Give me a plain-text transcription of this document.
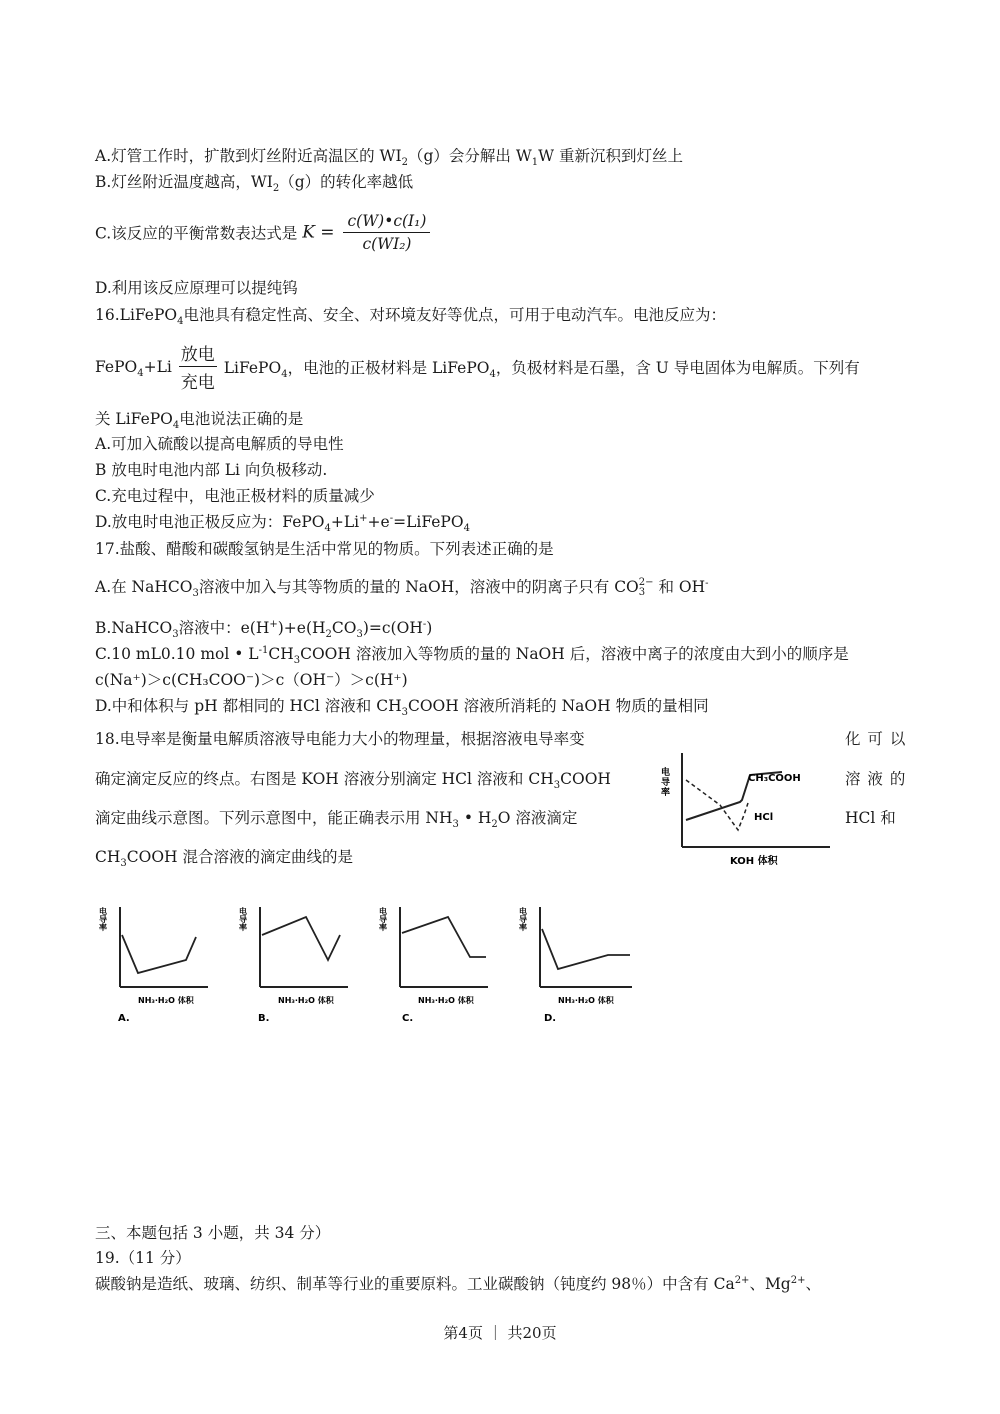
A.灯管工作时，扩散到灯丝附近高温区的 $WI_2(g)$会分解出 $W_1W$ 重新沉积到灯丝上
B.灯丝附近温度越高，$WI_2(g)$的转化率越低
C.该反应的平衡常数表达式是 $K = \frac{\text{c(W)•c(I₁)}}{\text{c(WI₂)}}$
D.利用该反应原理可以提纯钨
16.LiFePO$_4$电池具有稳定性高、安全、对环境友好等优点，可用于电动汽车。电池反应为：
FePO$_4$+Li
放电
充电
LiFePO$_4$，电池的正极材料是 LiFePO$_4$，负极材料是石墨，含 U 导电固体为电解质。下列有
关 LiFePO$_4$电池说法正确的是
A.可加入硫酸以提高电解质的导电性
B 放电时电池内部 Li 向负极移动.
C.充电过程中，电池正极材料的质量减少
D.放电时电池正极反应为：FePO$_4$+Li++e-=LiFePO$_4$
17.盐酸、醋酸和碳酸氢钠是生活中常见的物质。下列表述正确的是
A.在 NaHCO$_3$溶液中加入与其等物质的量的 NaOH，溶液中的阴离子只有 CO 2−
3 和 OH-
B.NaHCO$_3$溶液中：$e(H^+)+e(H_2CO_3)=c(OH^-)$
C.10 mL0.10 mol • $L^{-1}CH_3COOH$ 溶液加入等物质的量的 NaOH 后，溶液中离子的浓度由大到小的顺序是
c(Na⁺)＞c(CH₃COO⁻)＞c（OH⁻）＞c(H⁺)
D.中和体积与 pH 都相同的 HCl 溶液和 $CH_3COOH$ 溶液所消耗的 NaOH 物质的量相同
18.电导率是衡量电解质溶液导电能力大小的物理量，根据溶液电导率变	化 可 以
确定滴定反应的终点。右图是 KOH 溶液分别滴定 HCl 溶液和 $CH_3COOH$	溶 液 的
滴定曲线示意图。下列示意图中，能正确表示用 $NH_3$ • $H_2O$ 溶液滴定	HCl 和
$CH_3COOH$ 混合溶液的滴定曲线的是
电导率	CH₃COOH
HCl
KOH 体积
电导率
NH₃·H₂O 体积
A.
电导率
NH₃·H₂O 体积
B.
电导率
NH₃·H₂O 体积
C.
电导率
NH₃·H₂O 体积
D.
三、本题包括 3 小题，共 34 分）
19.（11 分）
碳酸钠是造纸、玻璃、纺织、制革等行业的重要原料。工业碳酸钠（钝度约 98％）中含有 $Ca^{2+}$、$Mg^{2+}$、
第4页 ｜ 共20页
